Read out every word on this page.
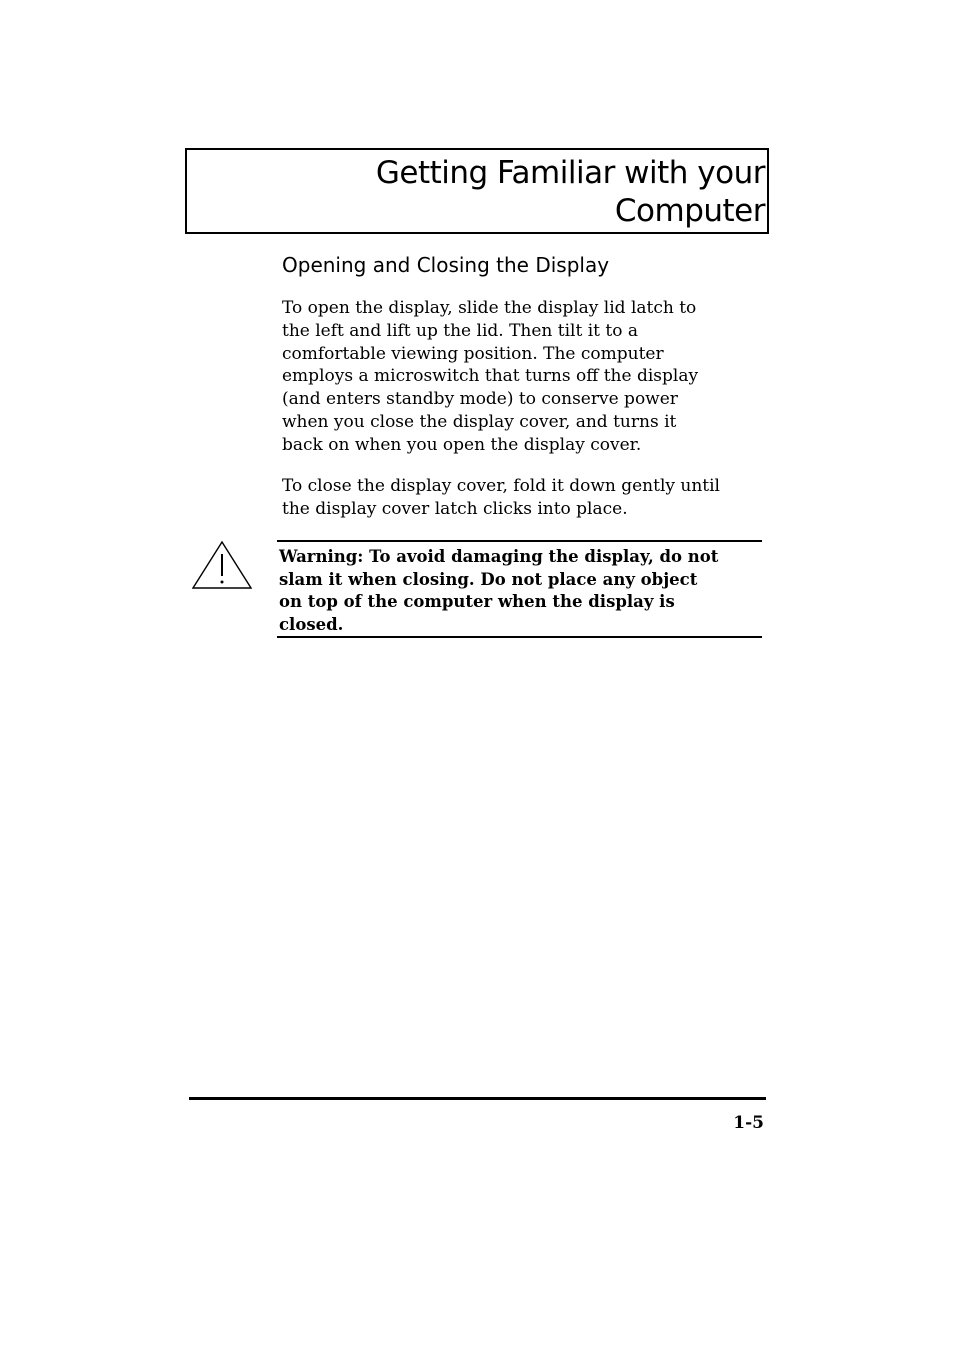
Getting Familiar with your
Computer
Opening and Closing the Display

To open the display, slide the display lid latch to
the left and lift up the lid. Then tilt it to a
comfortable viewing position. The computer
employs a microswitch that turns off the display
(and enters standby mode) to conserve power
when you close the display cover, and turns it
back on when you open the display cover.

To close the display cover, fold it down gently until
the display cover latch clicks into place.

Warning: To avoid damaging the display, do not
slam it when closing. Do not place any object
on top of the computer when the display is
closed.

1-5
